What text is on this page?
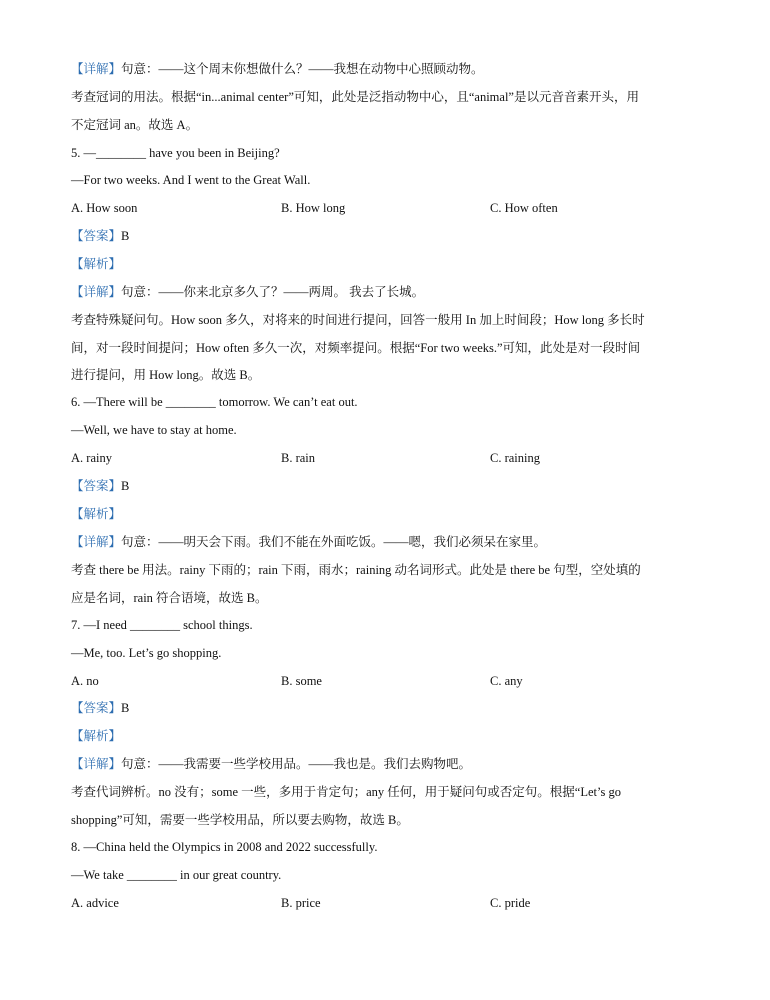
【详解】句意：——这个周末你想做什么？——我想在动物中心照顾动物。
考查冠词的用法。根据“in...animal center”可知，此处是泛指动物中心，且“animal”是以元音音素开头，用
不定冠词 an。故选 A。
5. —________ have you been in Beijing?
—For two weeks. And I went to the Great Wall.
A. How soon	B. How long	C. How often
【答案】B
【解析】
【详解】句意：——你来北京多久了？——两周。 我去了长城。
考查特殊疑问句。How soon 多久，对将来的时间进行提问，回答一般用 In 加上时间段；How long 多长时
间，对一段时间提问；How often 多久一次，对频率提问。根据“For two weeks.”可知，此处是对一段时间
进行提问，用 How long。故选 B。
6. —There will be ________ tomorrow. We can’t eat out.
—Well, we have to stay at home.
A. rainy	B. rain	C. raining
【答案】B
【解析】
【详解】句意：——明天会下雨。我们不能在外面吃饭。——嗯，我们必须呆在家里。
考查 there be 用法。rainy 下雨的；rain 下雨，雨水；raining 动名词形式。此处是 there be 句型，空处填的
应是名词，rain 符合语境，故选 B。
7. —I need ________ school things.
—Me, too. Let’s go shopping.
A. no	B. some	C. any
【答案】B
【解析】
【详解】句意：——我需要一些学校用品。——我也是。我们去购物吧。
考查代词辨析。no 没有；some 一些，多用于肯定句；any 任何，用于疑问句或否定句。根据“Let’s go
shopping”可知，需要一些学校用品，所以要去购物，故选 B。
8. —China held the Olympics in 2008 and 2022 successfully.
—We take ________ in our great country.
A. advice	B. price	C. pride
